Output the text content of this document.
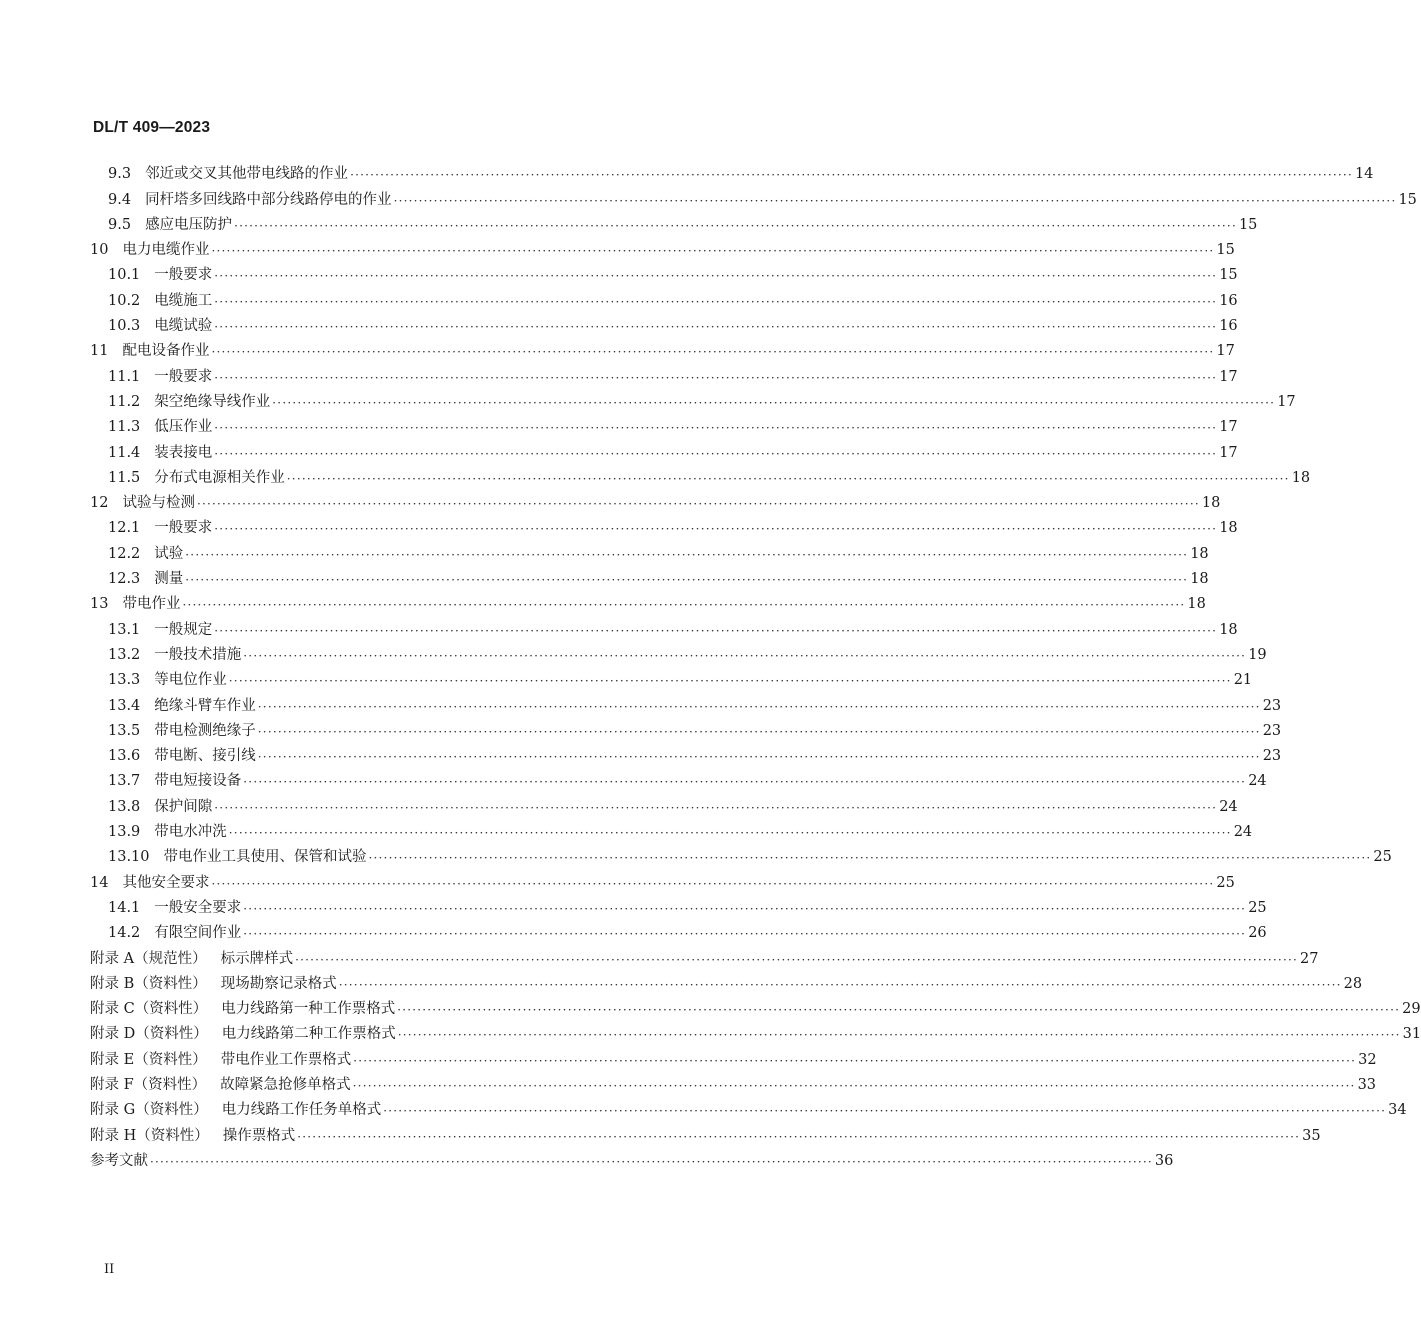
DL/T 409—2023
9.3 邻近或交叉其他带电线路的作业 ········································································································································································································ 14
9.4 同杆塔多回线路中部分线路停电的作业 ········································································································································································································ 15
9.5 感应电压防护 ········································································································································································································ 15
10 电力电缆作业 ········································································································································································································ 15
10.1 一般要求 ········································································································································································································ 15
10.2 电缆施工 ········································································································································································································ 16
10.3 电缆试验 ········································································································································································································ 16
11 配电设备作业 ········································································································································································································ 17
11.1 一般要求 ········································································································································································································ 17
11.2 架空绝缘导线作业 ········································································································································································································ 17
11.3 低压作业 ········································································································································································································ 17
11.4 装表接电 ········································································································································································································ 17
11.5 分布式电源相关作业 ········································································································································································································ 18
12 试验与检测 ········································································································································································································ 18
12.1 一般要求 ········································································································································································································ 18
12.2 试验 ········································································································································································································ 18
12.3 测量 ········································································································································································································ 18
13 带电作业 ········································································································································································································ 18
13.1 一般规定 ········································································································································································································ 18
13.2 一般技术措施 ········································································································································································································ 19
13.3 等电位作业 ········································································································································································································ 21
13.4 绝缘斗臂车作业 ········································································································································································································ 23
13.5 带电检测绝缘子 ········································································································································································································ 23
13.6 带电断、接引线 ········································································································································································································ 23
13.7 带电短接设备 ········································································································································································································ 24
13.8 保护间隙 ········································································································································································································ 24
13.9 带电水冲洗 ········································································································································································································ 24
13.10 带电作业工具使用、保管和试验 ········································································································································································································ 25
14 其他安全要求 ········································································································································································································ 25
14.1 一般安全要求 ········································································································································································································ 25
14.2 有限空间作业 ········································································································································································································ 26
附录 A（规范性） 标示牌样式 ········································································································································································································ 27
附录 B（资料性） 现场勘察记录格式 ········································································································································································································ 28
附录 C（资料性） 电力线路第一种工作票格式 ········································································································································································································ 29
附录 D（资料性） 电力线路第二种工作票格式 ········································································································································································································ 31
附录 E（资料性） 带电作业工作票格式 ········································································································································································································ 32
附录 F（资料性） 故障紧急抢修单格式 ········································································································································································································ 33
附录 G（资料性） 电力线路工作任务单格式 ········································································································································································································ 34
附录 H（资料性） 操作票格式 ········································································································································································································ 35
参考文献 ········································································································································································································ 36
II
